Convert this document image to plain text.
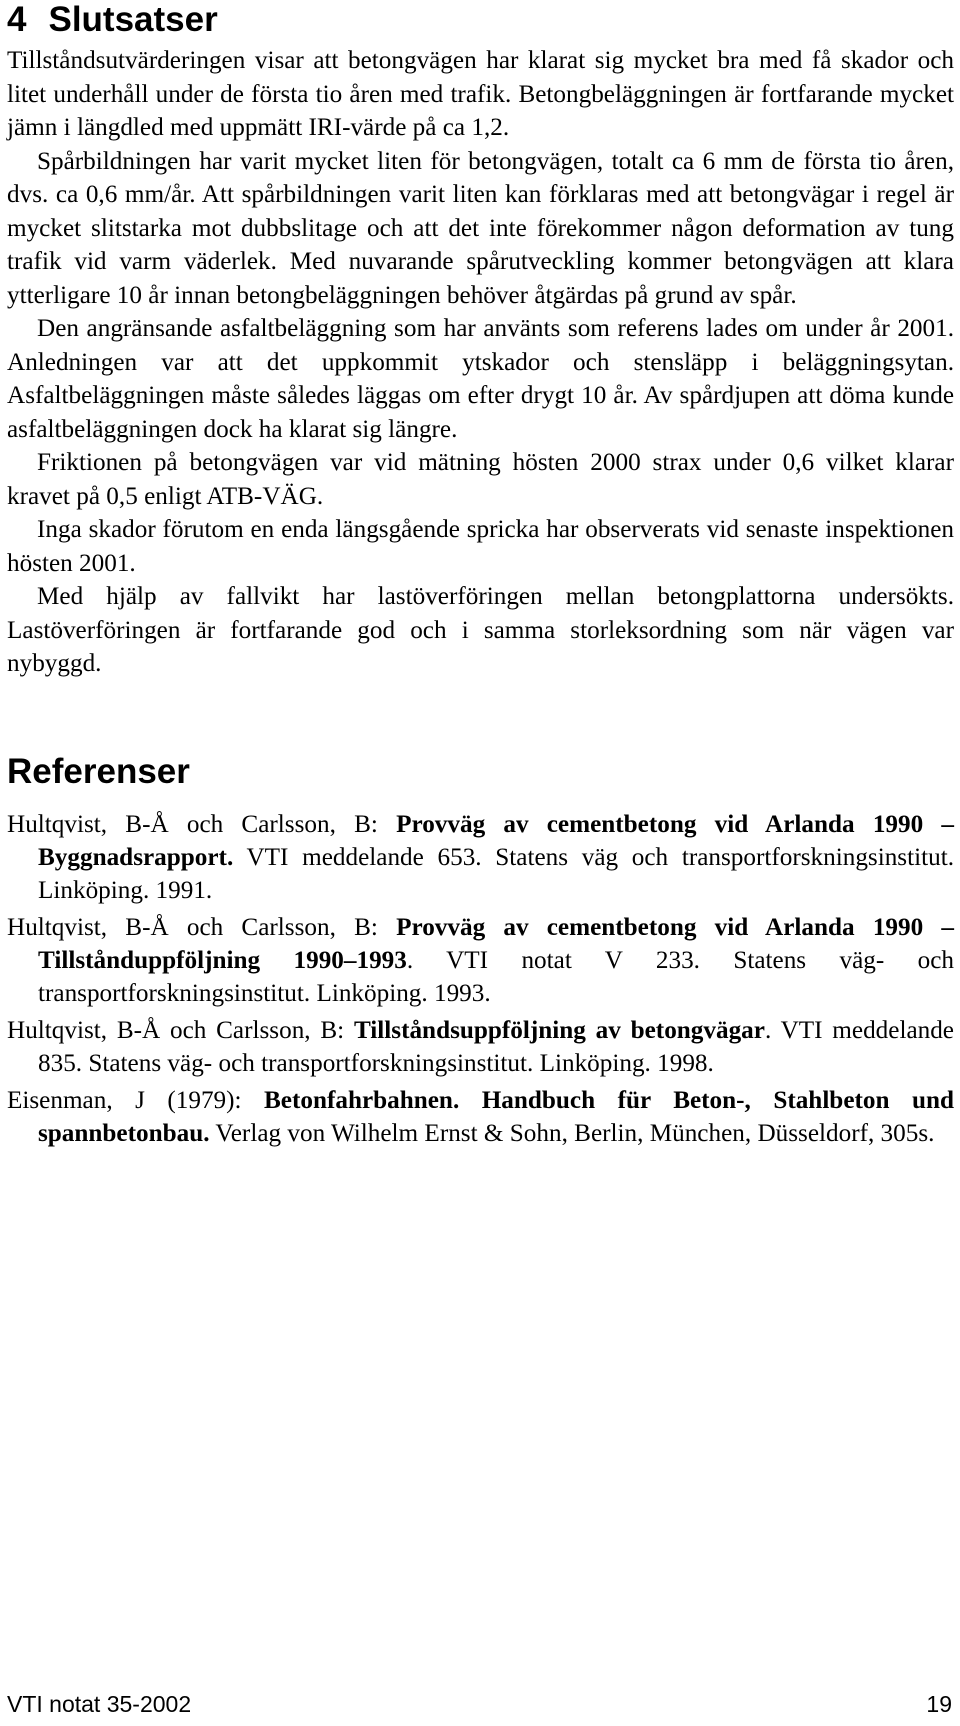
4 Slutsatser

Tillståndsutvärderingen visar att betongvägen har klarat sig mycket bra med få skador och litet underhåll under de första tio åren med trafik. Betongbeläggningen är fortfarande mycket jämn i längdled med uppmätt IRI-värde på ca 1,2.

Spårbildningen har varit mycket liten för betongvägen, totalt ca 6 mm de första tio åren, dvs. ca 0,6 mm/år. Att spårbildningen varit liten kan förklaras med att betongvägar i regel är mycket slitstarka mot dubbslitage och att det inte förekommer någon deformation av tung trafik vid varm väderlek. Med nuvarande spårutveckling kommer betongvägen att klara ytterligare 10 år innan betongbeläggningen behöver åtgärdas på grund av spår.

Den angränsande asfaltbeläggning som har använts som referens lades om under år 2001. Anledningen var att det uppkommit ytskador och stensläpp i beläggningsytan. Asfaltbeläggningen måste således läggas om efter drygt 10 år. Av spårdjupen att döma kunde asfaltbeläggningen dock ha klarat sig längre.

Friktionen på betongvägen var vid mätning hösten 2000 strax under 0,6 vilket klarar kravet på 0,5 enligt ATB-VÄG.

Inga skador förutom en enda längsgående spricka har observerats vid senaste inspektionen hösten 2001.

Med hjälp av fallvikt har lastöverföringen mellan betongplattorna undersökts. Lastöverföringen är fortfarande god och i samma storleksordning som när vägen var nybyggd.

Referenser

Hultqvist, B-Å och Carlsson, B: Provväg av cementbetong vid Arlanda 1990 – Byggnadsrapport. VTI meddelande 653. Statens väg och transportforskningsinstitut. Linköping. 1991.

Hultqvist, B-Å och Carlsson, B: Provväg av cementbetong vid Arlanda 1990 – Tillstånduppföljning 1990–1993. VTI notat V 233. Statens väg- och transportforskningsinstitut. Linköping. 1993.

Hultqvist, B-Å och Carlsson, B: Tillståndsuppföljning av betongvägar. VTI meddelande 835. Statens väg- och transportforskningsinstitut. Linköping. 1998.

Eisenman, J (1979): Betonfahrbahnen. Handbuch für Beton-, Stahlbeton und spannbetonbau. Verlag von Wilhelm Ernst & Sohn, Berlin, München, Düsseldorf, 305s.

VTI notat 35-2002	19
